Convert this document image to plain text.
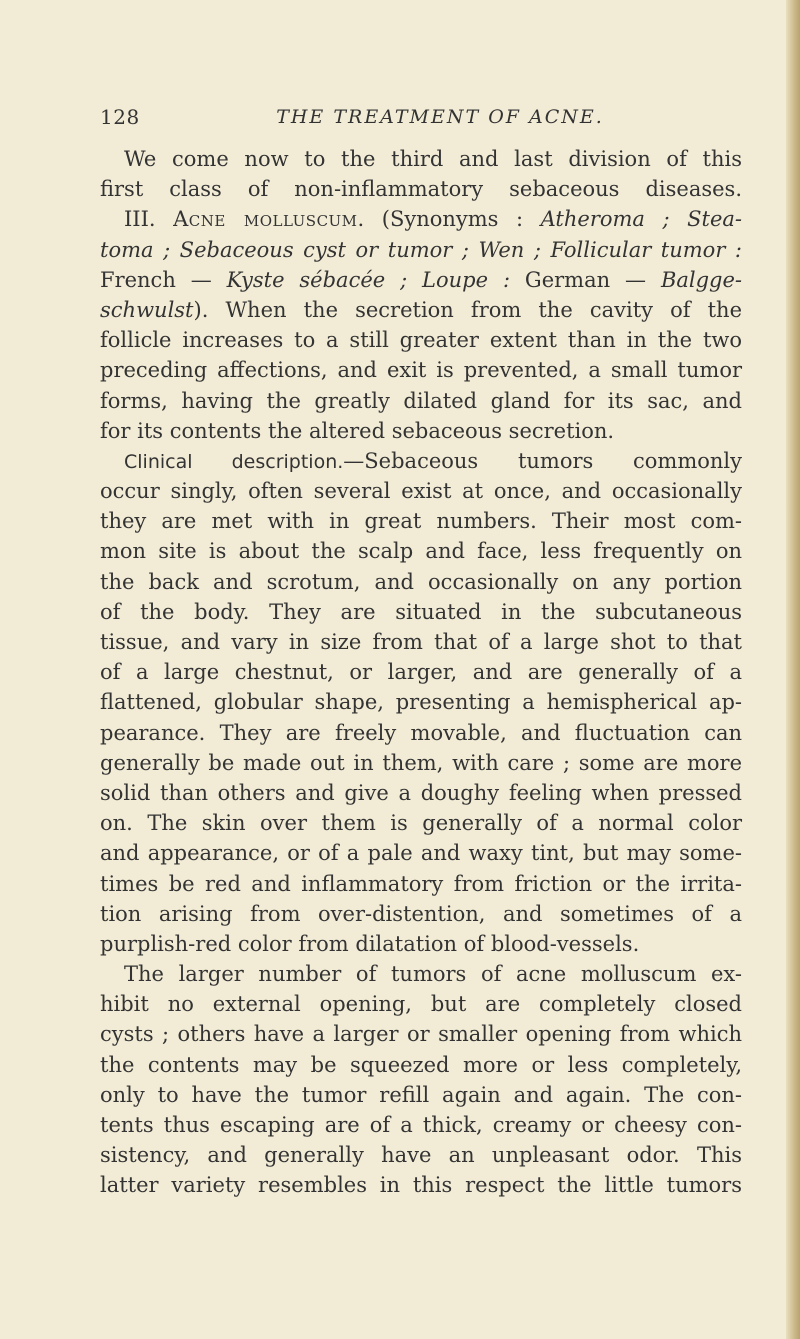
128	THE TREATMENT OF ACNE.
We come now to the third and last division of this
first class of non-inflammatory sebaceous diseases.
III. Acne molluscum. (Synonyms : Atheroma ; Stea-
toma ; Sebaceous cyst or tumor ; Wen ; Follicular tumor :
French — Kyste sébacée ; Loupe : German — Balgge-
schwulst). When the secretion from the cavity of the
follicle increases to a still greater extent than in the two
preceding affections, and exit is prevented, a small tumor
forms, having the greatly dilated gland for its sac, and
for its contents the altered sebaceous secretion.
Clinical description.—Sebaceous tumors commonly
occur singly, often several exist at once, and occasionally
they are met with in great numbers. Their most com-
mon site is about the scalp and face, less frequently on
the back and scrotum, and occasionally on any portion
of the body. They are situated in the subcutaneous
tissue, and vary in size from that of a large shot to that
of a large chestnut, or larger, and are generally of a
flattened, globular shape, presenting a hemispherical ap-
pearance. They are freely movable, and fluctuation can
generally be made out in them, with care ; some are more
solid than others and give a doughy feeling when pressed
on. The skin over them is generally of a normal color
and appearance, or of a pale and waxy tint, but may some-
times be red and inflammatory from friction or the irrita-
tion arising from over-distention, and sometimes of a
purplish-red color from dilatation of blood-vessels.
The larger number of tumors of acne molluscum ex-
hibit no external opening, but are completely closed
cysts ; others have a larger or smaller opening from which
the contents may be squeezed more or less completely,
only to have the tumor refill again and again. The con-
tents thus escaping are of a thick, creamy or cheesy con-
sistency, and generally have an unpleasant odor. This
latter variety resembles in this respect the little tumors
